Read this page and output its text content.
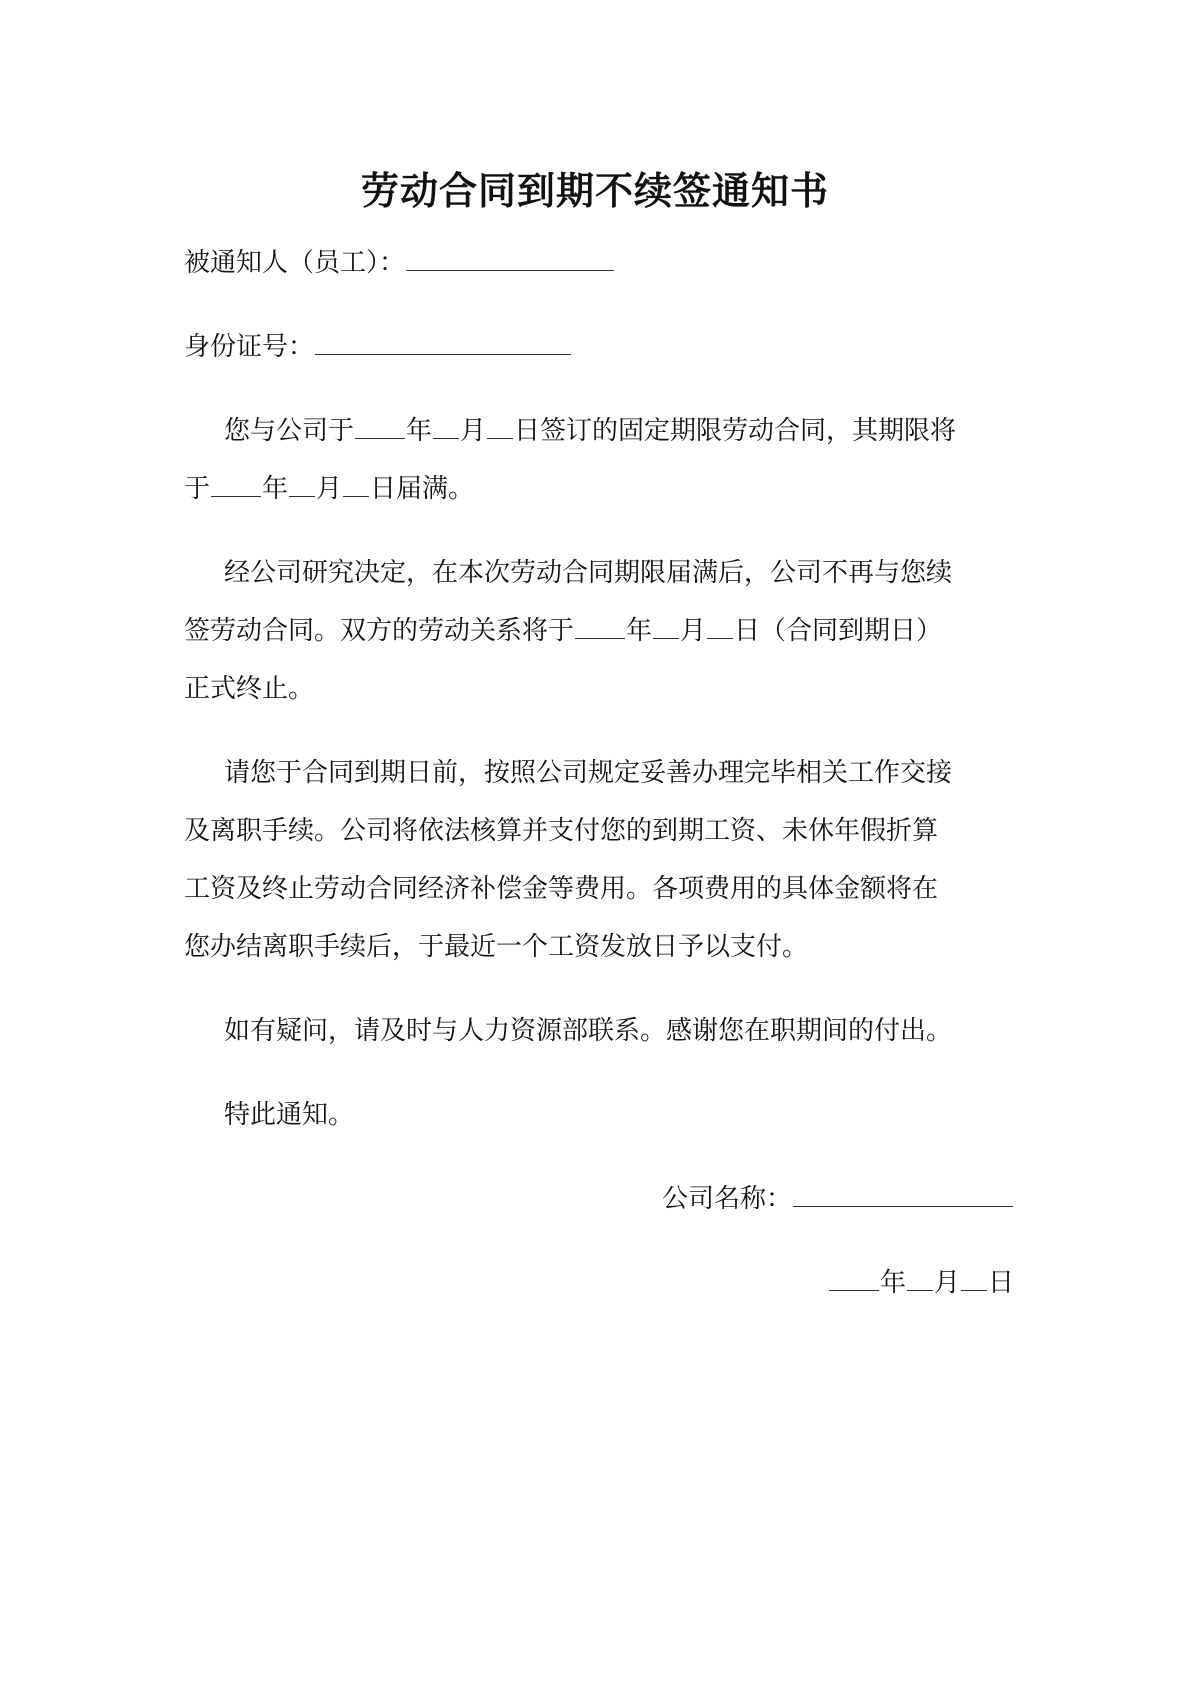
劳动合同到期不续签通知书

被通知人（员工）：

身份证号：

您与公司于 年 月 日签订的固定期限劳动合同，其期限将

于 年 月 日届满。

经公司研究决定，在本次劳动合同期限届满后，公司不再与您续

签劳动合同。双方的劳动关系将于 年 月 日（合同到期日）

正式终止。

请您于合同到期日前，按照公司规定妥善办理完毕相关工作交接

及离职手续。公司将依法核算并支付您的到期工资、未休年假折算

工资及终止劳动合同经济补偿金等费用。各项费用的具体金额将在

您办结离职手续后，于最近一个工资发放日予以支付。

如有疑问，请及时与人力资源部联系。感谢您在职期间的付出。

特此通知。

公司名称：

年 月 日
